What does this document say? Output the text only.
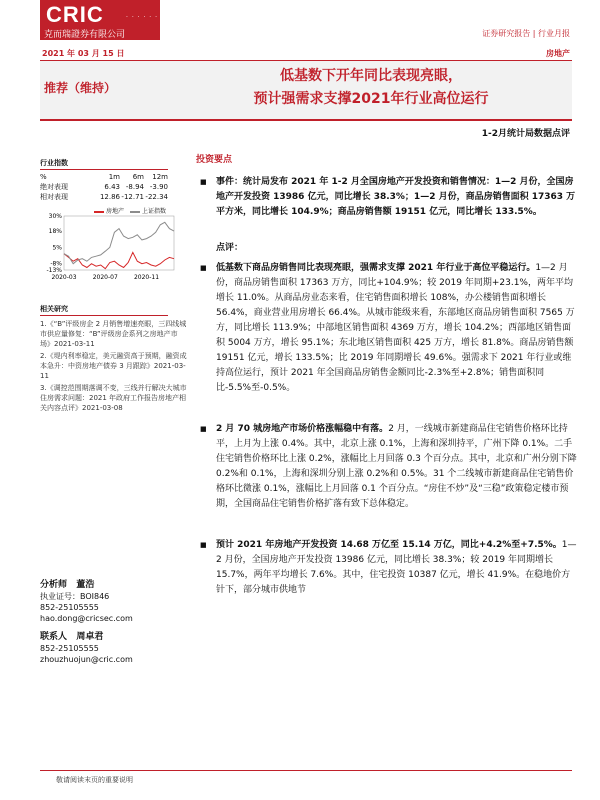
CRIC	· · · · · ·
克而瑞證券有限公司	证券研究报告 | 行业月报
2021 年 03 月 15 日	房地产
推荐（维持）
低基数下开年同比表现亮眼，
预计强需求支撑2021年行业高位运行
1-2月统计局数据点评
行业指数
%	1m	6m	12m
绝对表现	6.43 -8.94 -3.90
相对表现	12.86 -12.71 -22.34
房地产	上证指数
30%
18%
5%
-8%
-13%
2020-03	2020-07	2020-11
相关研究
1.《“B”评级房企 2 月销售增速亮眼，三四线城市供应量修复：“B”评级房企系列之房地产市场》2021-03-11
2.《堤内利率稳定，美元融资高于预期，融资成本急升：中资房地产债券 3 月跟踪》2021-03-11
3.《调控范围期落调不变，三线并行解决大城市住房需求问题：2021 年政府工作报告房地产相关内容点评》2021-03-08
分析师 董浩
执业证号：BOI846
852-25105555
hao.dong@cricsec.com
联系人 周卓君
852-25105555
zhouzhuojun@cric.com
投资要点
■ 事件：统计局发布 2021 年 1-2 月全国房地产开发投资和销售情况：1—2 月份，全国房地产开发投资 13986 亿元，同比增长 38.3%；1—2 月份，商品房销售面积 17363 万平方米，同比增长 104.9%；商品房销售额 19151 亿元，同比增长 133.5%。
点评：
■ 低基数下商品房销售同比表现亮眼，强需求支撑 2021 年行业于高位平稳运行。1—2 月份，商品房销售面积 17363 万方，同比+104.9%；较 2019 年同期+23.1%，两年平均增长 11.0%。从商品房业态来看，住宅销售面积增长 108%，办公楼销售面积增长 56.4%，商业营业用房增长 66.4%。从城市能级来看，东部地区商品房销售面积 7565 万方，同比增长 113.9%；中部地区销售面积 4369 万方，增长 104.2%；西部地区销售面积 5004 万方，增长 95.1%；东北地区销售面积 425 万方，增长 81.8%。商品房销售额 19151 亿元，增长 133.5%；比 2019 年同期增长 49.6%。强需求下 2021 年行业或维持高位运行，预计 2021 年全国商品房销售金额同比-2.3%至+2.8%；销售面积同比-5.5%至-0.5%。
■ 2 月 70 城房地产市场价格涨幅稳中有落。2 月，一线城市新建商品住宅销售价格环比持平，上月为上涨 0.4%。其中，北京上涨 0.1%，上海和深圳持平，广州下降 0.1%。二手住宅销售价格环比上涨 0.2%，涨幅比上月回落 0.3 个百分点。其中，北京和广州分别下降 0.2%和 0.1%，上海和深圳分别上涨 0.2%和 0.5%。31 个二线城市新建商品住宅销售价格环比微涨 0.1%，涨幅比上月回落 0.1 个百分点。“房住不炒”及“三稳”政策稳定楼市预期，全国商品住宅销售价格扩落有致下总体稳定。
■ 预计 2021 年房地产开发投资 14.68 万亿至 15.14 万亿，同比+4.2%至+7.5%。1—2 月份，全国房地产开发投资 13986 亿元，同比增长 38.3%；较 2019 年同期增长 15.7%，两年平均增长 7.6%。其中，住宅投资 10387 亿元，增长 41.9%。在稳地价方针下，部分城市供地节
敬请阅读末页的重要说明
